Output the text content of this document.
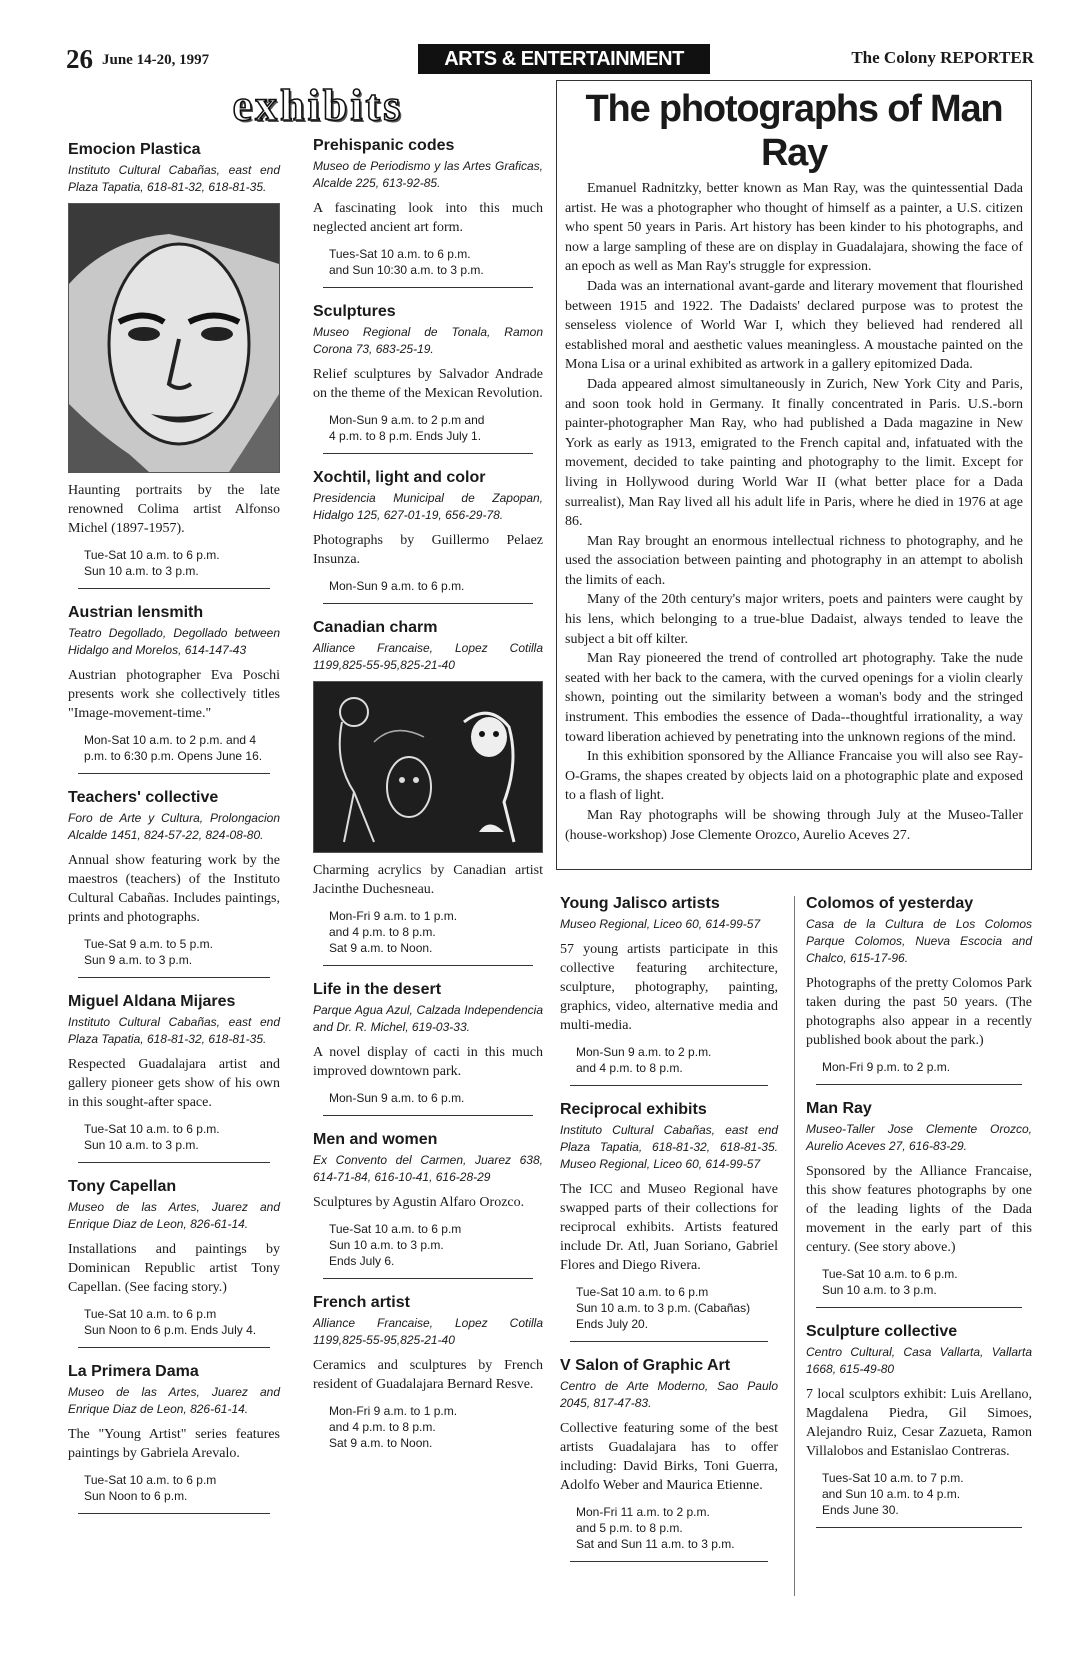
26 June 14-20, 1997	ARTS & ENTERTAINMENT	The Colony REPORTER
exhibits
Emocion Plastica
Instituto Cultural Cabañas, east end Plaza Tapatia, 618-81-32, 618-81-35.
Haunting portraits by the late renowned Colima artist Alfonso Michel (1897-1957).
Tue-Sat 10 a.m. to 6 p.m.
Sun 10 a.m. to 3 p.m.
Austrian lensmith
Teatro Degollado, Degollado between Hidalgo and Morelos, 614-147-43
Austrian photographer Eva Poschi presents work she collectively titles "Image-movement-time."
Mon-Sat 10 a.m. to 2 p.m. and 4 p.m. to 6:30 p.m. Opens June 16.
Teachers' collective
Foro de Arte y Cultura, Prolongacion Alcalde 1451, 824-57-22, 824-08-80.
Annual show featuring work by the maestros (teachers) of the Instituto Cultural Cabañas. Includes paintings, prints and photographs.
Tue-Sat 9 a.m. to 5 p.m.
Sun 9 a.m. to 3 p.m.
Miguel Aldana Mijares
Instituto Cultural Cabañas, east end Plaza Tapatia, 618-81-32, 618-81-35.
Respected Guadalajara artist and gallery pioneer gets show of his own in this sought-after space.
Tue-Sat 10 a.m. to 6 p.m.
Sun 10 a.m. to 3 p.m.
Tony Capellan
Museo de las Artes, Juarez and Enrique Diaz de Leon, 826-61-14.
Installations and paintings by Dominican Republic artist Tony Capellan. (See facing story.)
Tue-Sat 10 a.m. to 6 p.m
Sun Noon to 6 p.m. Ends July 4.
La Primera Dama
Museo de las Artes, Juarez and Enrique Diaz de Leon, 826-61-14.
The "Young Artist" series features paintings by Gabriela Arevalo.
Tue-Sat 10 a.m. to 6 p.m
Sun Noon to 6 p.m.
Prehispanic codes
Museo de Periodismo y las Artes Graficas, Alcalde 225, 613-92-85.
A fascinating look into this much neglected ancient art form.
Tues-Sat 10 a.m. to 6 p.m.
and Sun 10:30 a.m. to 3 p.m.
Sculptures
Museo Regional de Tonala, Ramon Corona 73, 683-25-19.
Relief sculptures by Salvador Andrade on the theme of the Mexican Revolution.
Mon-Sun 9 a.m. to 2 p.m and
4 p.m. to 8 p.m. Ends July 1.
Xochtil, light and color
Presidencia Municipal de Zapopan, Hidalgo 125, 627-01-19, 656-29-78.
Photographs by Guillermo Pelaez Insunza.
Mon-Sun 9 a.m. to 6 p.m.
Canadian charm
Alliance Francaise, Lopez Cotilla 1199,825-55-95,825-21-40
Charming acrylics by Canadian artist Jacinthe Duchesneau.
Mon-Fri 9 a.m. to 1 p.m.
and 4 p.m. to 8 p.m.
Sat 9 a.m. to Noon.
Life in the desert
Parque Agua Azul, Calzada Independencia and Dr. R. Michel, 619-03-33.
A novel display of cacti in this much improved downtown park.
Mon-Sun 9 a.m. to 6 p.m.
Men and women
Ex Convento del Carmen, Juarez 638, 614-71-84, 616-10-41, 616-28-29
Sculptures by Agustin Alfaro Orozco.
Tue-Sat 10 a.m. to 6 p.m
Sun 10 a.m. to 3 p.m.
Ends July 6.
French artist
Alliance Francaise, Lopez Cotilla 1199,825-55-95,825-21-40
Ceramics and sculptures by French resident of Guadalajara Bernard Resve.
Mon-Fri 9 a.m. to 1 p.m.
and 4 p.m. to 8 p.m.
Sat 9 a.m. to Noon.
The photographs of Man Ray

Emanuel Radnitzky, better known as Man Ray, was the quintessential Dada artist. He was a photographer who thought of himself as a painter, a U.S. citizen who spent 50 years in Paris. Art history has been kinder to his photographs, and now a large sampling of these are on display in Guadalajara, showing the face of an epoch as well as Man Ray's struggle for expression.

Dada was an international avant-garde and literary movement that flourished between 1915 and 1922. The Dadaists' declared purpose was to protest the senseless violence of World War I, which they believed had rendered all established moral and aesthetic values meaningless. A moustache painted on the Mona Lisa or a urinal exhibited as artwork in a gallery epitomized Dada.

Dada appeared almost simultaneously in Zurich, New York City and Paris, and soon took hold in Germany. It finally concentrated in Paris. U.S.-born painter-photographer Man Ray, who had published a Dada magazine in New York as early as 1913, emigrated to the French capital and, infatuated with the movement, decided to take painting and photography to the limit. Except for living in Hollywood during World War II (what better place for a Dada surrealist), Man Ray lived all his adult life in Paris, where he died in 1976 at age 86.

Man Ray brought an enormous intellectual richness to photography, and he used the association between painting and photography in an attempt to abolish the limits of each.

Many of the 20th century's major writers, poets and painters were caught by his lens, which belonging to a true-blue Dadaist, always tended to leave the subject a bit off kilter.

Man Ray pioneered the trend of controlled art photography. Take the nude seated with her back to the camera, with the curved openings for a violin clearly shown, pointing out the similarity between a woman's body and the stringed instrument. This embodies the essence of Dada--thoughtful irrationality, a way toward liberation achieved by penetrating into the unknown regions of the mind.

In this exhibition sponsored by the Alliance Francaise you will also see Ray-O-Grams, the shapes created by objects laid on a photographic plate and exposed to a flash of light.

Man Ray photographs will be showing through July at the Museo-Taller (house-workshop) Jose Clemente Orozco, Aurelio Aceves 27.

Young Jalisco artists
Museo Regional, Liceo 60, 614-99-57
57 young artists participate in this collective featuring architecture, sculpture, photography, painting, graphics, video, alternative media and multi-media.
Mon-Sun 9 a.m. to 2 p.m.
and 4 p.m. to 8 p.m.
Reciprocal exhibits
Instituto Cultural Cabañas, east end Plaza Tapatia, 618-81-32, 618-81-35. Museo Regional, Liceo 60, 614-99-57
The ICC and Museo Regional have swapped parts of their collections for reciprocal exhibits. Artists featured include Dr. Atl, Juan Soriano, Gabriel Flores and Diego Rivera.
Tue-Sat 10 a.m. to 6 p.m
Sun 10 a.m. to 3 p.m. (Cabañas)
Ends July 20.
V Salon of Graphic Art
Centro de Arte Moderno, Sao Paulo 2045, 817-47-83.
Collective featuring some of the best artists Guadalajara has to offer including: David Birks, Toni Guerra, Adolfo Weber and Maurica Etienne.
Mon-Fri 11 a.m. to 2 p.m.
and 5 p.m. to 8 p.m.
Sat and Sun 11 a.m. to 3 p.m.
Colomos of yesterday
Casa de la Cultura de Los Colomos Parque Colomos, Nueva Escocia and Chalco, 615-17-96.
Photographs of the pretty Colomos Park taken during the past 50 years. (The photographs also appear in a recently published book about the park.)
Mon-Fri 9 p.m. to 2 p.m.
Man Ray
Museo-Taller Jose Clemente Orozco, Aurelio Aceves 27, 616-83-29.
Sponsored by the Alliance Francaise, this show features photographs by one of the leading lights of the Dada movement in the early part of this century. (See story above.)
Tue-Sat 10 a.m. to 6 p.m.
Sun 10 a.m. to 3 p.m.
Sculpture collective
Centro Cultural, Casa Vallarta, Vallarta 1668, 615-49-80
7 local sculptors exhibit: Luis Arellano, Magdalena Piedra, Gil Simoes, Alejandro Ruiz, Cesar Zazueta, Ramon Villalobos and Estanislao Contreras.
Tues-Sat 10 a.m. to 7 p.m.
and Sun 10 a.m. to 4 p.m.
Ends June 30.
